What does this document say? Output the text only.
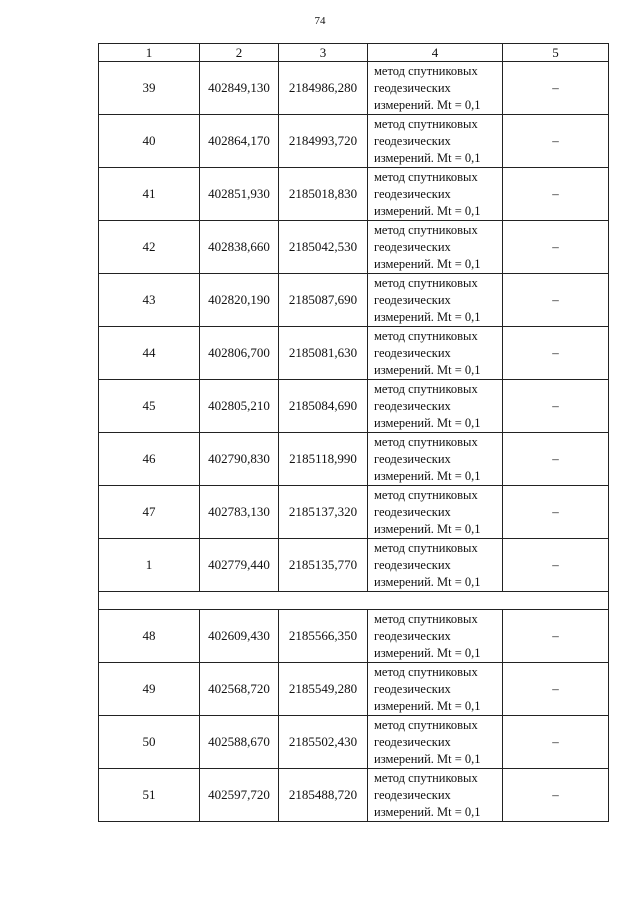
74
1	2	3	4	5
39	402849,130	2184986,280	метод спутниковых
геодезических
измерений. Mt = 0,1	–
40	402864,170	2184993,720	метод спутниковых
геодезических
измерений. Mt = 0,1	–
41	402851,930	2185018,830	метод спутниковых
геодезических
измерений. Mt = 0,1	–
42	402838,660	2185042,530	метод спутниковых
геодезических
измерений. Mt = 0,1	–
43	402820,190	2185087,690	метод спутниковых
геодезических
измерений. Mt = 0,1	–
44	402806,700	2185081,630	метод спутниковых
геодезических
измерений. Mt = 0,1	–
45	402805,210	2185084,690	метод спутниковых
геодезических
измерений. Mt = 0,1	–
46	402790,830	2185118,990	метод спутниковых
геодезических
измерений. Mt = 0,1	–
47	402783,130	2185137,320	метод спутниковых
геодезических
измерений. Mt = 0,1	–
1	402779,440	2185135,770	метод спутниковых
геодезических
измерений. Mt = 0,1	–

48	402609,430	2185566,350	метод спутниковых
геодезических
измерений. Mt = 0,1	–
49	402568,720	2185549,280	метод спутниковых
геодезических
измерений. Mt = 0,1	–
50	402588,670	2185502,430	метод спутниковых
геодезических
измерений. Mt = 0,1	–
51	402597,720	2185488,720	метод спутниковых
геодезических
измерений. Mt = 0,1	–
